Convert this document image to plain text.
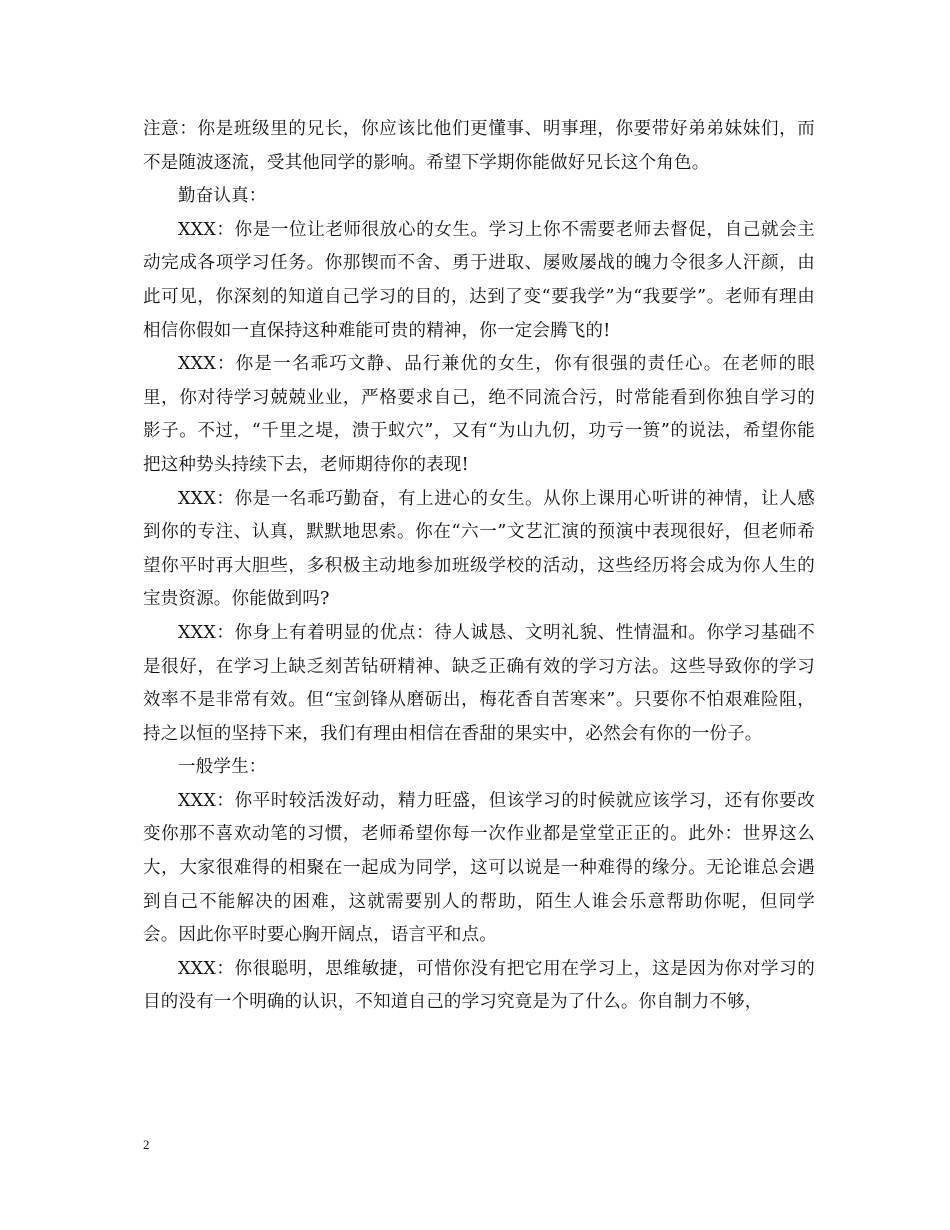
注意：你是班级里的兄长，你应该比他们更懂事、明事理，你要带好弟弟妹妹们，而不是随波逐流，受其他同学的影响。希望下学期你能做好兄长这个角色。

勤奋认真：

XXX：你是一位让老师很放心的女生。学习上你不需要老师去督促，自己就会主动完成各项学习任务。你那锲而不舍、勇于进取、屡败屡战的魄力令很多人汗颜，由此可见，你深刻的知道自己学习的目的，达到了变“要我学”为“我要学”。老师有理由相信你假如一直保持这种难能可贵的精神，你一定会腾飞的!

XXX：你是一名乖巧文静、品行兼优的女生，你有很强的责任心。在老师的眼里，你对待学习兢兢业业，严格要求自己，绝不同流合污，时常能看到你独自学习的影子。不过，“千里之堤，溃于蚁穴”，又有“为山九仞，功亏一篑”的说法，希望你能把这种势头持续下去，老师期待你的表现!

XXX：你是一名乖巧勤奋，有上进心的女生。从你上课用心听讲的神情，让人感到你的专注、认真，默默地思索。你在“六一”文艺汇演的预演中表现很好，但老师希望你平时再大胆些，多积极主动地参加班级学校的活动，这些经历将会成为你人生的宝贵资源。你能做到吗?

XXX：你身上有着明显的优点：待人诚恳、文明礼貌、性情温和。你学习基础不是很好，在学习上缺乏刻苦钻研精神、缺乏正确有效的学习方法。这些导致你的学习效率不是非常有效。但“宝剑锋从磨砺出，梅花香自苦寒来”。只要你不怕艰难险阻，持之以恒的坚持下来，我们有理由相信在香甜的果实中，必然会有你的一份子。

一般学生：

XXX：你平时较活泼好动，精力旺盛，但该学习的时候就应该学习，还有你要改变你那不喜欢动笔的习惯，老师希望你每一次作业都是堂堂正正的。此外：世界这么大，大家很难得的相聚在一起成为同学，这可以说是一种难得的缘分。无论谁总会遇到自己不能解决的困难，这就需要别人的帮助，陌生人谁会乐意帮助你呢，但同学会。因此你平时要心胸开阔点，语言平和点。

XXX：你很聪明，思维敏捷，可惜你没有把它用在学习上，这是因为你对学习的目的没有一个明确的认识，不知道自己的学习究竟是为了什么。你自制力不够，

2
